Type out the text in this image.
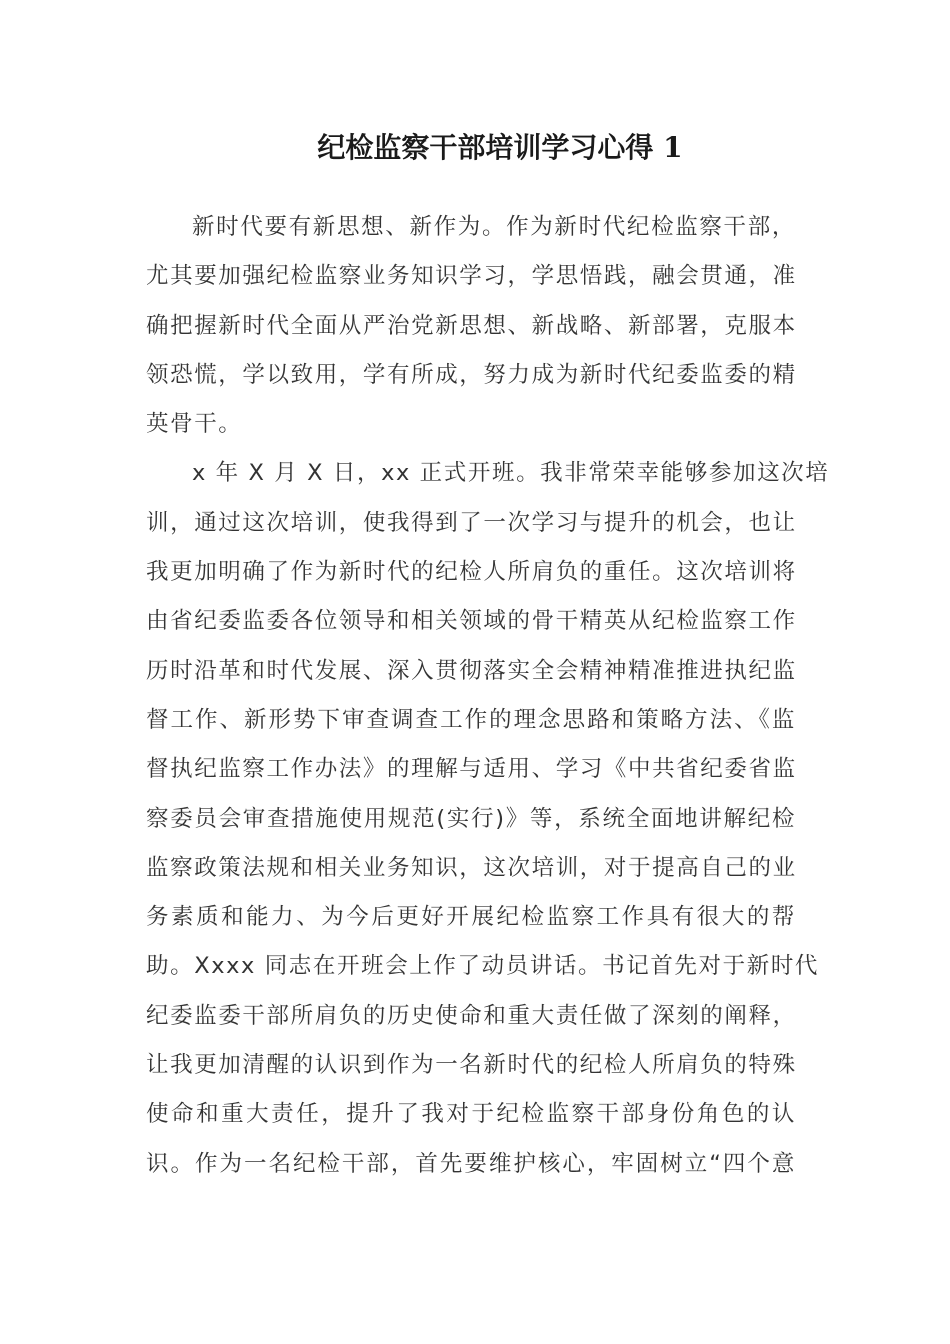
纪检监察干部培训学习心得 1
新时代要有新思想、新作为。作为新时代纪检监察干部，
尤其要加强纪检监察业务知识学习，学思悟践，融会贯通，准
确把握新时代全面从严治党新思想、新战略、新部署，克服本
领恐慌，学以致用，学有所成，努力成为新时代纪委监委的精
英骨干。
x 年 X 月 X 日，xx 正式开班。我非常荣幸能够参加这次培
训，通过这次培训，使我得到了一次学习与提升的机会，也让
我更加明确了作为新时代的纪检人所肩负的重任。这次培训将
由省纪委监委各位领导和相关领域的骨干精英从纪检监察工作
历时沿革和时代发展、深入贯彻落实全会精神精准推进执纪监
督工作、新形势下审查调查工作的理念思路和策略方法、《监
督执纪监察工作办法》的理解与适用、学习《中共省纪委省监
察委员会审查措施使用规范(实行)》等，系统全面地讲解纪检
监察政策法规和相关业务知识，这次培训，对于提高自己的业
务素质和能力、为今后更好开展纪检监察工作具有很大的帮
助。Xxxx 同志在开班会上作了动员讲话。书记首先对于新时代
纪委监委干部所肩负的历史使命和重大责任做了深刻的阐释，
让我更加清醒的认识到作为一名新时代的纪检人所肩负的特殊
使命和重大责任，提升了我对于纪检监察干部身份角色的认
识。作为一名纪检干部，首先要维护核心，牢固树立“四个意
